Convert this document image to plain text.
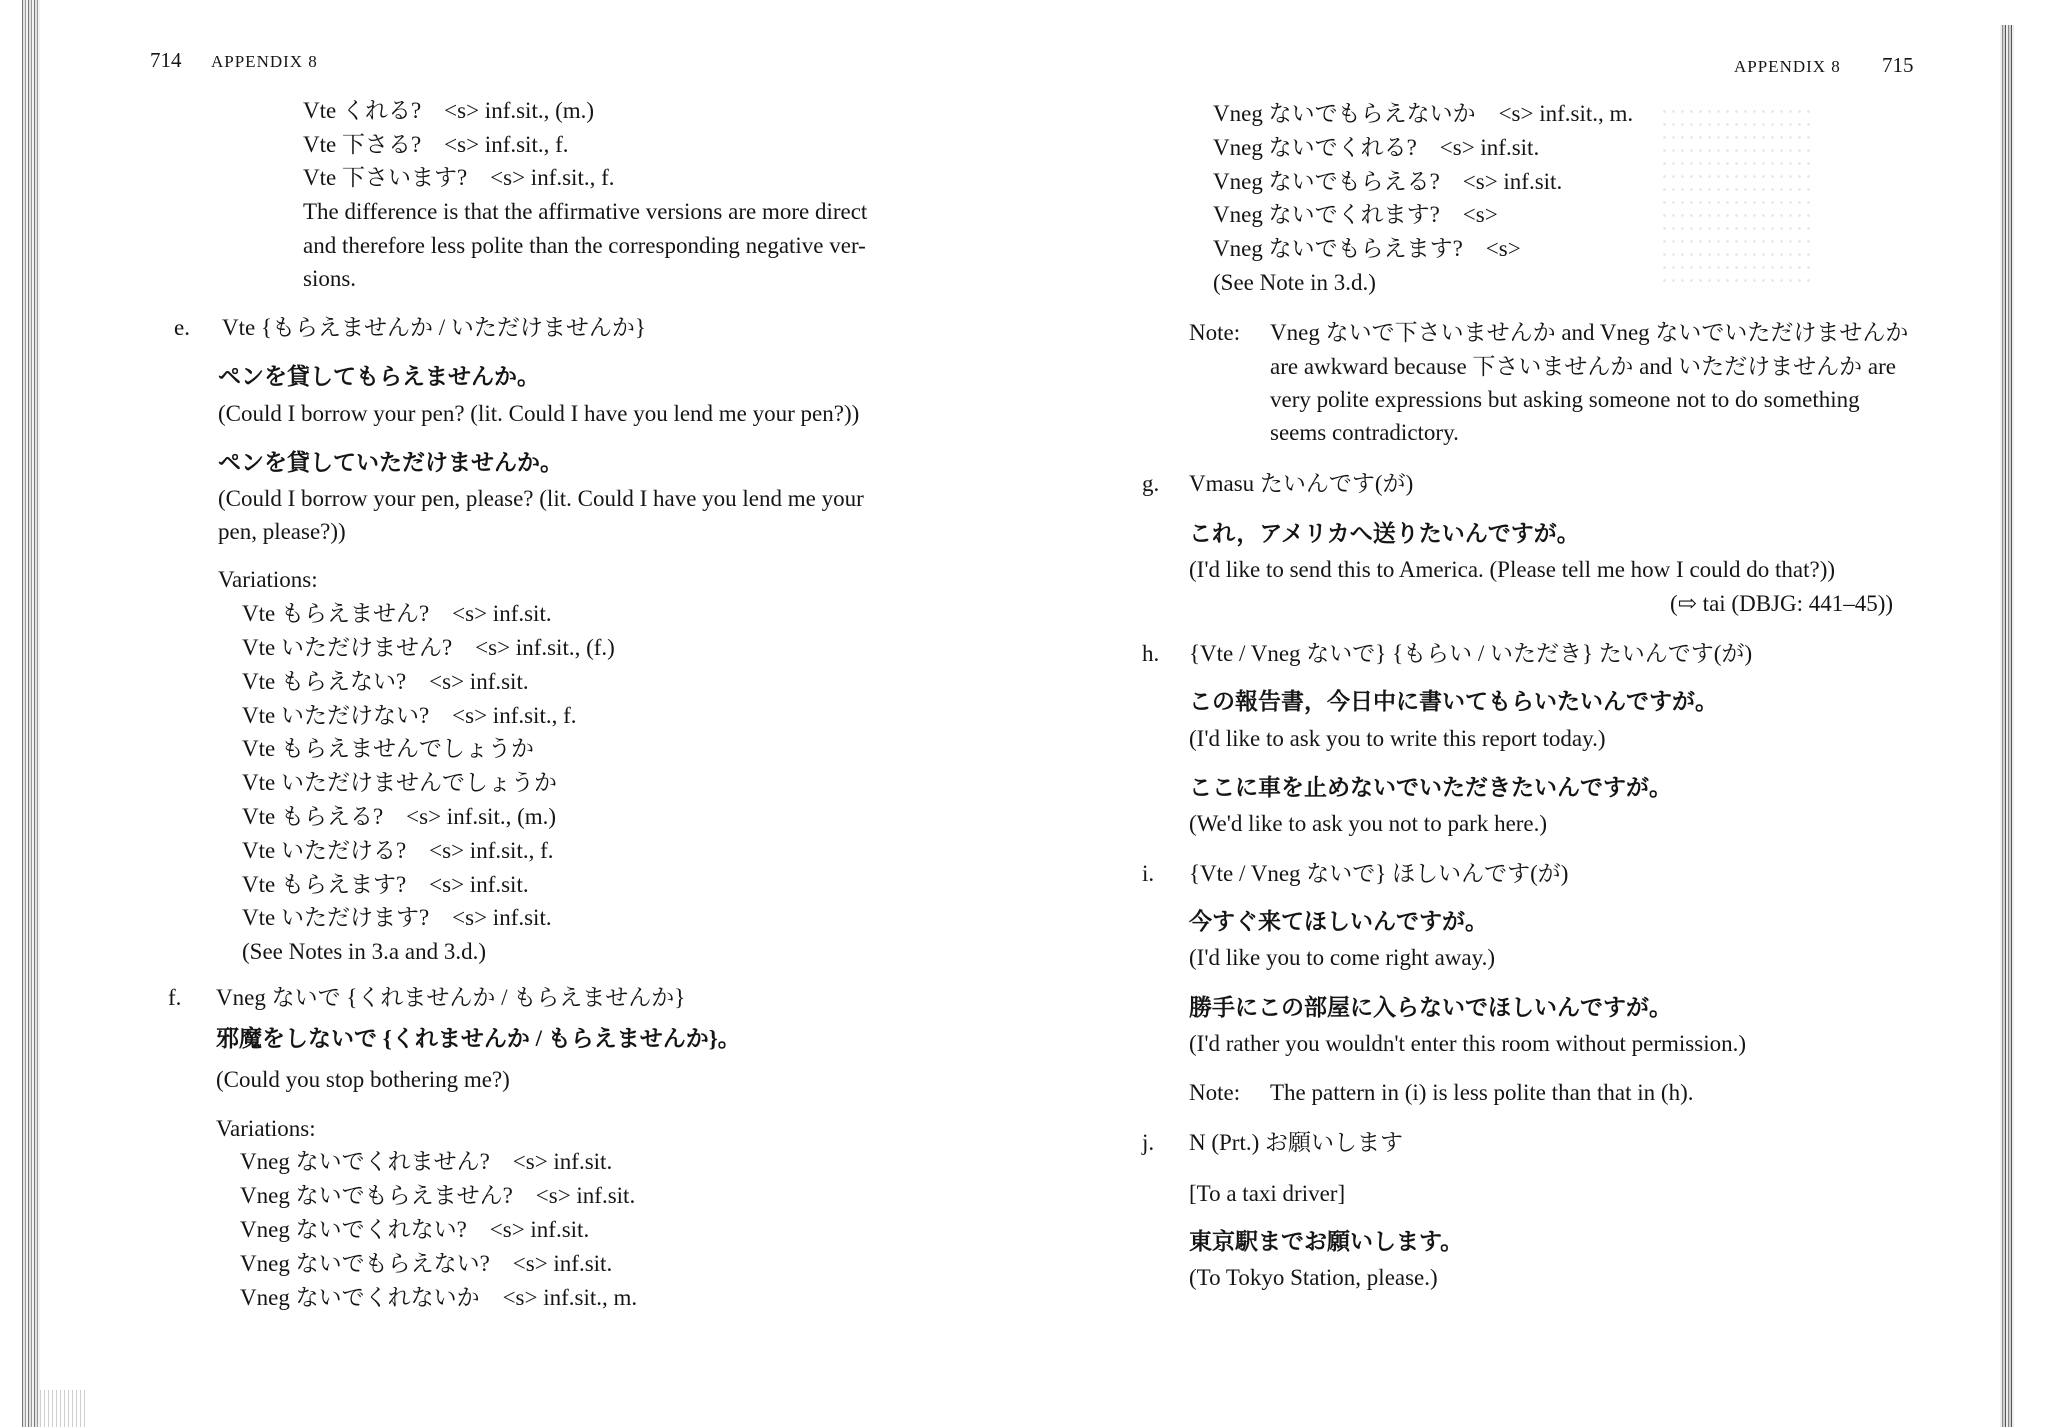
714 APPENDIX 8
Vte くれる?　<s> inf.sit., (m.)
Vte 下さる?　<s> inf.sit., f.
Vte 下さいます?　<s> inf.sit., f.
The difference is that the affirmative versions are more direct
and therefore less polite than the corresponding negative ver-
sions.
e. Vte {もらえませんか / いただけませんか}
ペンを貸してもらえませんか。
(Could I borrow your pen? (lit. Could I have you lend me your pen?))
ペンを貸していただけませんか。
(Could I borrow your pen, please? (lit. Could I have you lend me your
pen, please?))
Variations:
Vte もらえません?　<s> inf.sit.
Vte いただけません?　<s> inf.sit., (f.)
Vte もらえない?　<s> inf.sit.
Vte いただけない?　<s> inf.sit., f.
Vte もらえませんでしょうか
Vte いただけませんでしょうか
Vte もらえる?　<s> inf.sit., (m.)
Vte いただける?　<s> inf.sit., f.
Vte もらえます?　<s> inf.sit.
Vte いただけます?　<s> inf.sit.
(See Notes in 3.a and 3.d.)
f. Vneg ないで {くれませんか / もらえませんか}
邪魔をしないで {くれませんか / もらえませんか}。
(Could you stop bothering me?)
Variations:
Vneg ないでくれません?　<s> inf.sit.
Vneg ないでもらえません?　<s> inf.sit.
Vneg ないでくれない?　<s> inf.sit.
Vneg ないでもらえない?　<s> inf.sit.
Vneg ないでくれないか　<s> inf.sit., m.
APPENDIX 8 715
Vneg ないでもらえないか　<s> inf.sit., m.
Vneg ないでくれる?　<s> inf.sit.
Vneg ないでもらえる?　<s> inf.sit.
Vneg ないでくれます?　<s>
Vneg ないでもらえます?　<s>
(See Note in 3.d.)
Note: Vneg ないで下さいませんか and Vneg ないでいただけませんか
are awkward because 下さいませんか and いただけませんか are
very polite expressions but asking someone not to do something
seems contradictory.
g. Vmasu たいんです(が)
これ，アメリカへ送りたいんですが。
(I'd like to send this to America. (Please tell me how I could do that?))
(⇨ tai (DBJG: 441–45))
h. {Vte / Vneg ないで} {もらい / いただき} たいんです(が)
この報告書，今日中に書いてもらいたいんですが。
(I'd like to ask you to write this report today.)
ここに車を止めないでいただきたいんですが。
(We'd like to ask you not to park here.)
i. {Vte / Vneg ないで} ほしいんです(が)
今すぐ来てほしいんですが。
(I'd like you to come right away.)
勝手にこの部屋に入らないでほしいんですが。
(I'd rather you wouldn't enter this room without permission.)
Note: The pattern in (i) is less polite than that in (h).
j. N (Prt.) お願いします
[To a taxi driver]
東京駅までお願いします。
(To Tokyo Station, please.)
